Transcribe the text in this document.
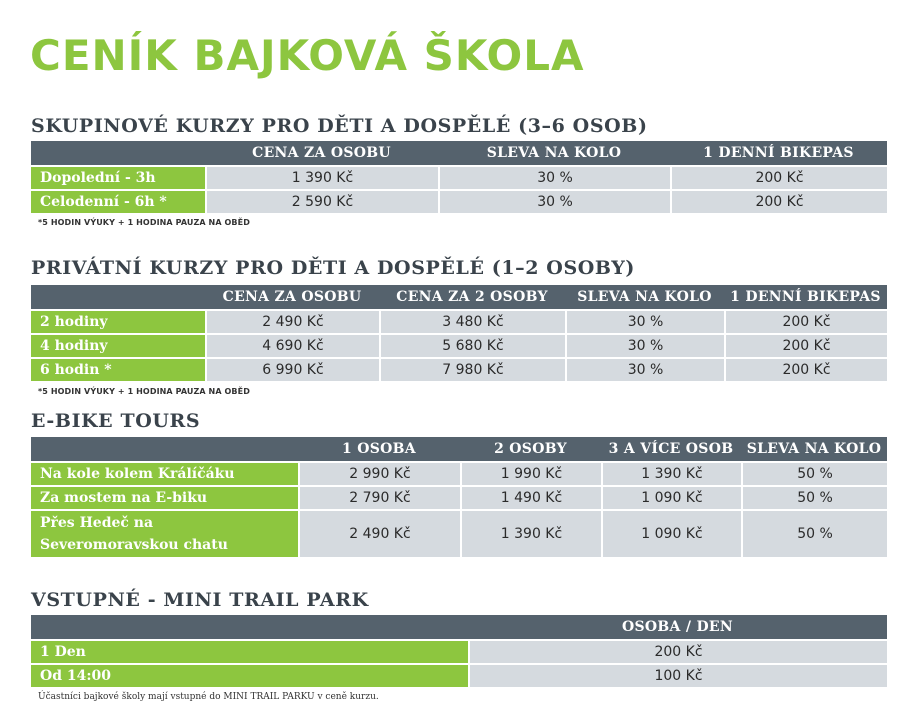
CENÍK BAJKOVÁ ŠKOLA
SKUPINOVÉ KURZY PRO DĚTI A DOSPĚLÉ (3–6 OSOB)
	CENA ZA OSOBU	SLEVA NA KOLO	1 DENNÍ BIKEPAS
Dopolední - 3h	1 390 Kč	30 %	200 Kč
Celodenní - 6h *	2 590 Kč	30 %	200 Kč

*5 HODIN VÝUKY + 1 HODINA PAUZA NA OBĚD

PRIVÁTNÍ KURZY PRO DĚTI A DOSPĚLÉ (1–2 OSOBY)
	CENA ZA OSOBU	CENA ZA 2 OSOBY	SLEVA NA KOLO	1 DENNÍ BIKEPAS
2 hodiny	2 490 Kč	3 480 Kč	30 %	200 Kč
4 hodiny	4 690 Kč	5 680 Kč	30 %	200 Kč
6 hodin *	6 990 Kč	7 980 Kč	30 %	200 Kč

*5 HODIN VÝUKY + 1 HODINA PAUZA NA OBĚD

E-BIKE TOURS
	1 OSOBA	2 OSOBY	3 A VÍCE OSOB	SLEVA NA KOLO
Na kole kolem Králíčáku	2 990 Kč	1 990 Kč	1 390 Kč	50 %
Za mostem na E-biku	2 790 Kč	1 490 Kč	1 090 Kč	50 %
Přes Hedeč na Severomoravskou chatu	2 490 Kč	1 390 Kč	1 090 Kč	50 %
VSTUPNÉ - MINI TRAIL PARK
	OSOBA / DEN
1 Den	200 Kč
Od 14:00	100 Kč

Účastníci bajkové školy mají vstupné do MINI TRAIL PARKU v ceně kurzu.
